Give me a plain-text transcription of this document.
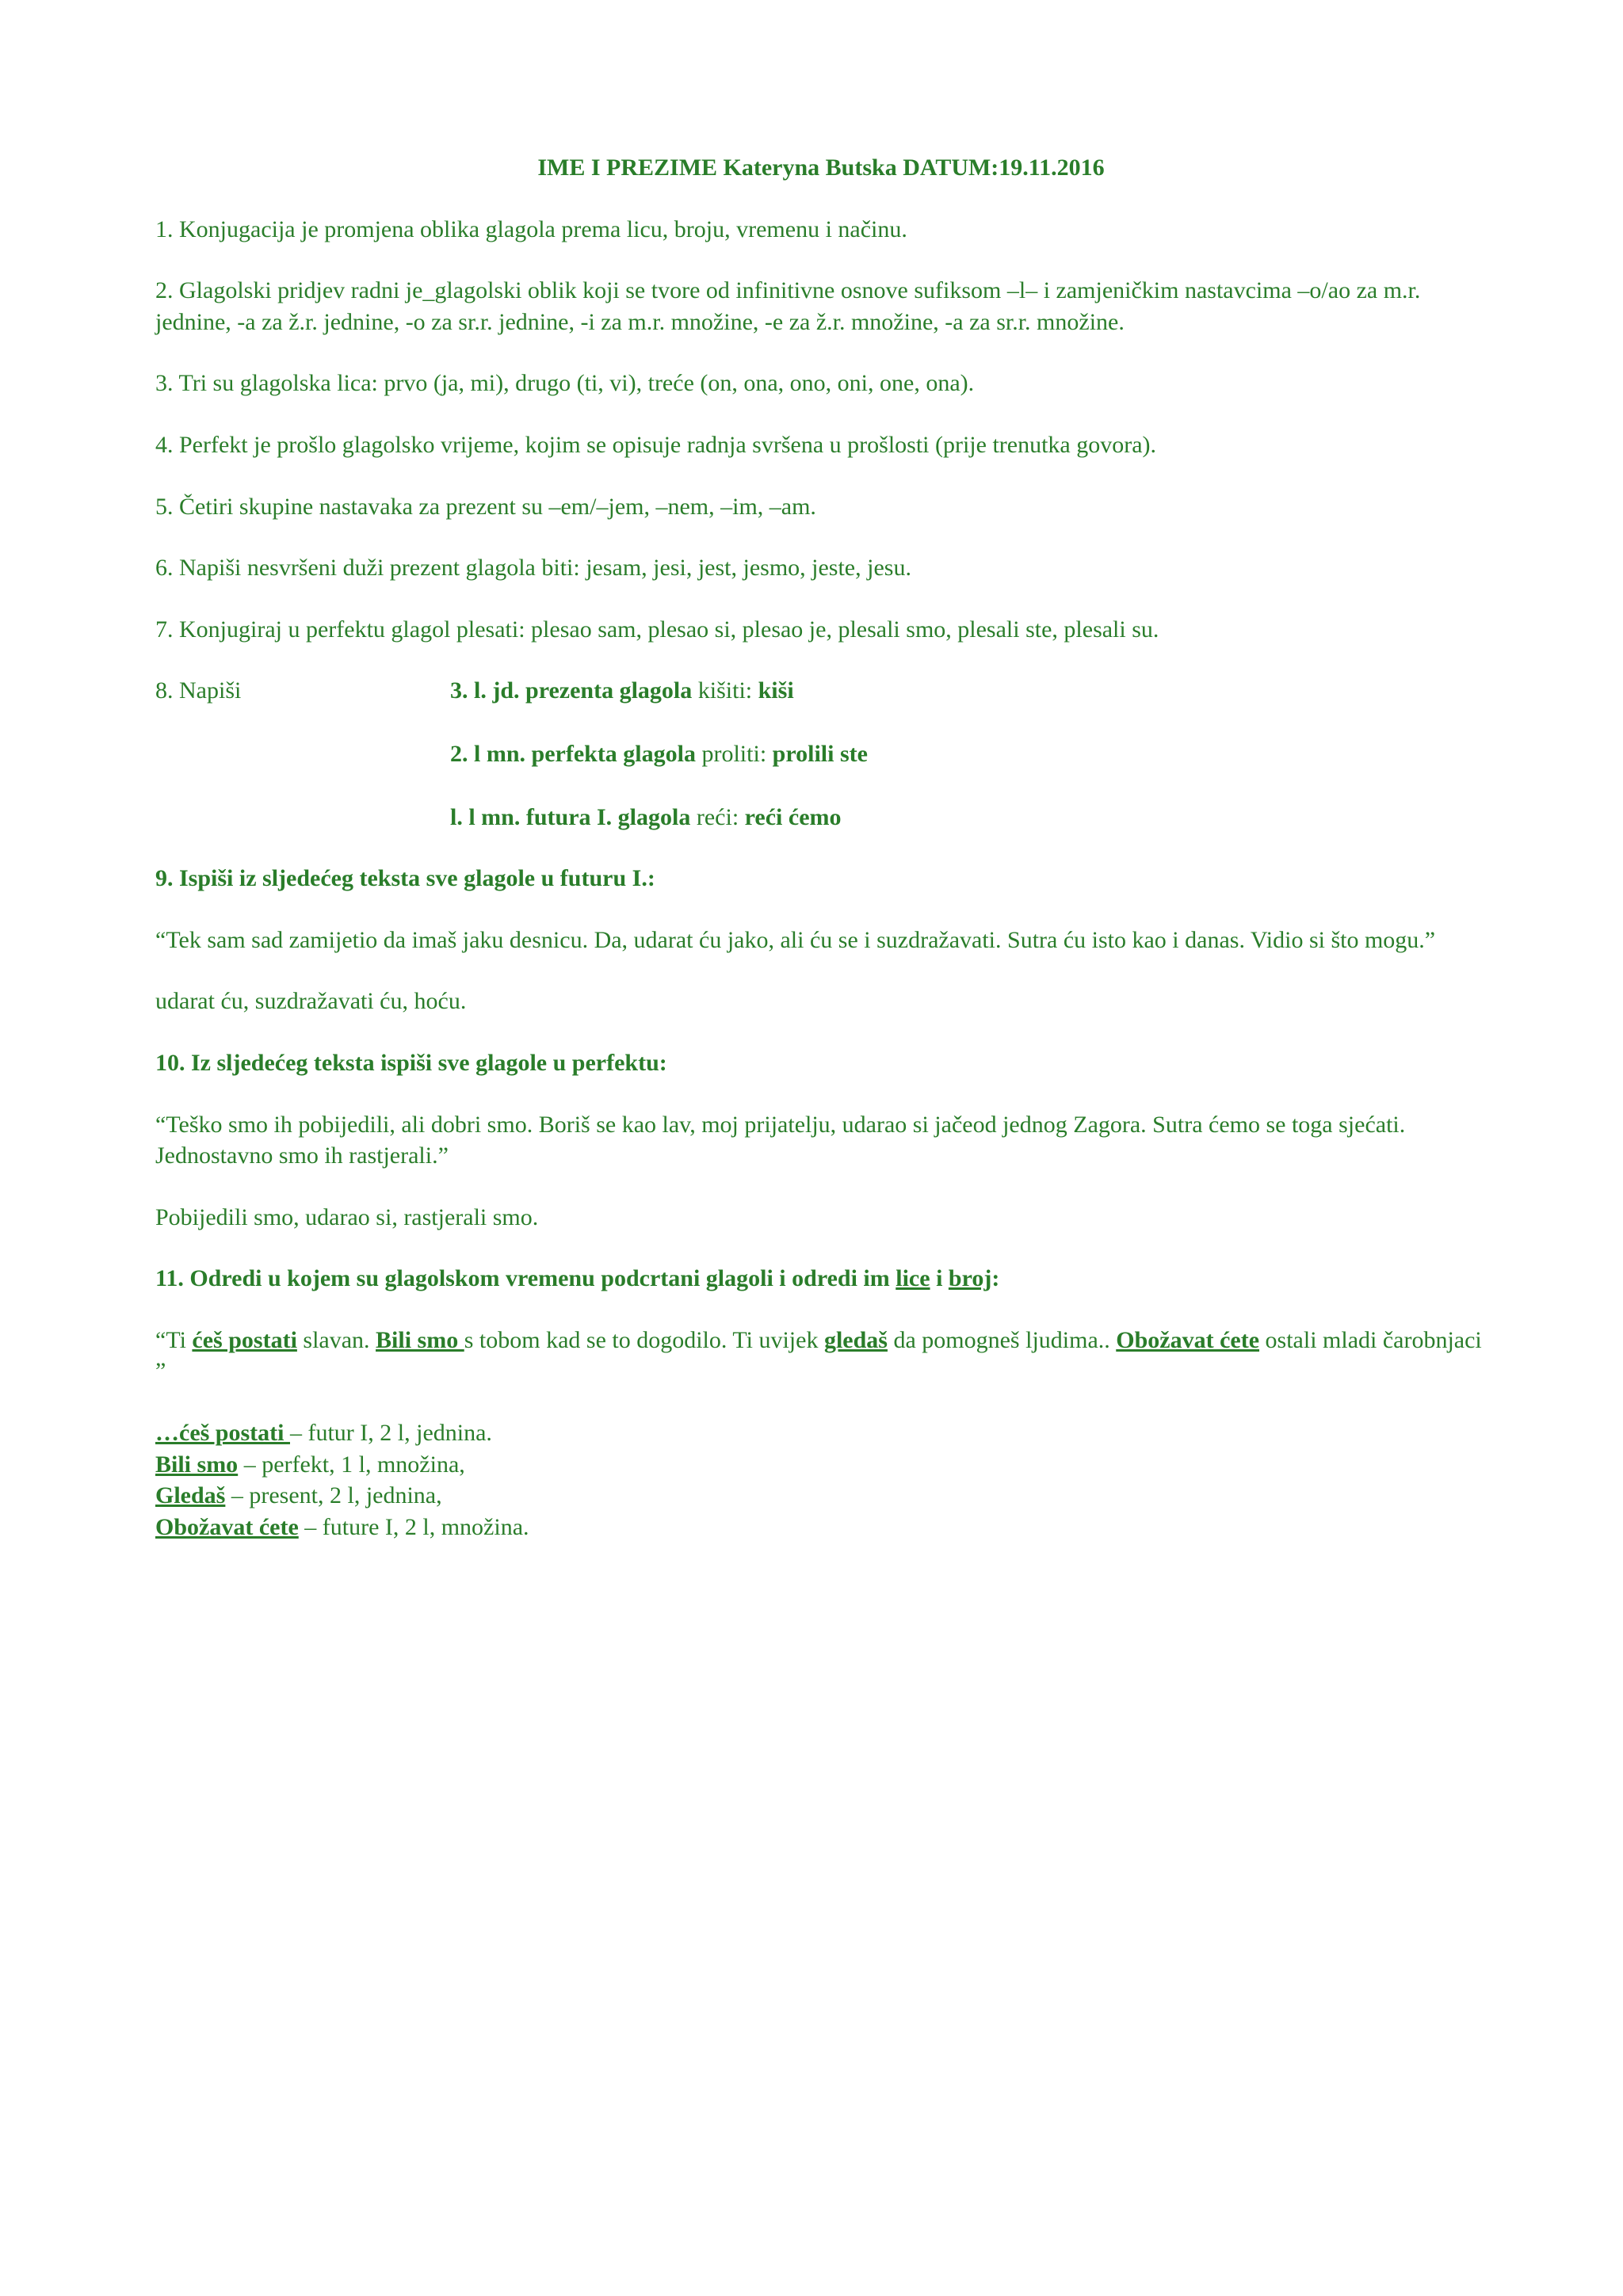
IME I PREZIME Kateryna Butska DATUM:19.11.2016

1. Konjugacija je promjena oblika glagola prema licu, broju, vremenu i načinu.

2. Glagolski pridjev radni je_glagolski oblik koji se tvore od infinitivne osnove sufiksom –l– i zamjeničkim nastavcima –o/ao za m.r. jednine, -a za ž.r. jednine, -o za sr.r. jednine, -i za m.r. množine, -e za ž.r. množine, -a za sr.r. množine.

3. Tri su glagolska lica: prvo (ja, mi), drugo (ti, vi), treće (on, ona, ono, oni, one, ona).

4. Perfekt je prošlo glagolsko vrijeme, kojim se opisuje radnja svršena u prošlosti (prije trenutka govora).

5. Četiri skupine nastavaka za prezent su –em/–jem, –nem, –im, –am.

6. Napiši nesvršeni duži prezent glagola biti: jesam, jesi, jest, jesmo, jeste, jesu.

7. Konjugiraj u perfektu glagol plesati: plesao sam, plesao si, plesao je, plesali smo, plesali ste, plesali su.

8. Napiši	3. l. jd. prezenta glagola kišiti: kiši

2. l mn. perfekta glagola proliti: prolili ste

l. l mn. futura I. glagola reći: reći ćemo

9. Ispiši iz sljedećeg teksta sve glagole u futuru I.:

“Tek sam sad zamijetio da imaš jaku desnicu. Da, udarat ću jako, ali ću se i suzdražavati. Sutra ću isto kao i danas. Vidio si što mogu.”

udarat ću, suzdražavati ću, hoću.

10. Iz sljedećeg teksta ispiši sve glagole u perfektu:

“Teško smo ih pobijedili, ali dobri smo. Boriš se kao lav, moj prijatelju, udarao si jačeod jednog Zagora. Sutra ćemo se toga sjećati. Jednostavno smo ih rastjerali.”

Pobijedili smo, udarao si, rastjerali smo.

11. Odredi u kojem su glagolskom vremenu podcrtani glagoli i odredi im lice i broj:

“Ti ćeš postati slavan. Bili smo s tobom kad se to dogodilo. Ti uvijek gledaš da pomogneš ljudima.. Obožavat ćete ostali mladi čarobnjaci ”

…ćeš postati – futur I, 2 l, jednina.

Bili smo – perfekt, 1 l, množina,

Gledaš – present, 2 l, jednina,

Obožavat ćete – future I, 2 l, množina.
